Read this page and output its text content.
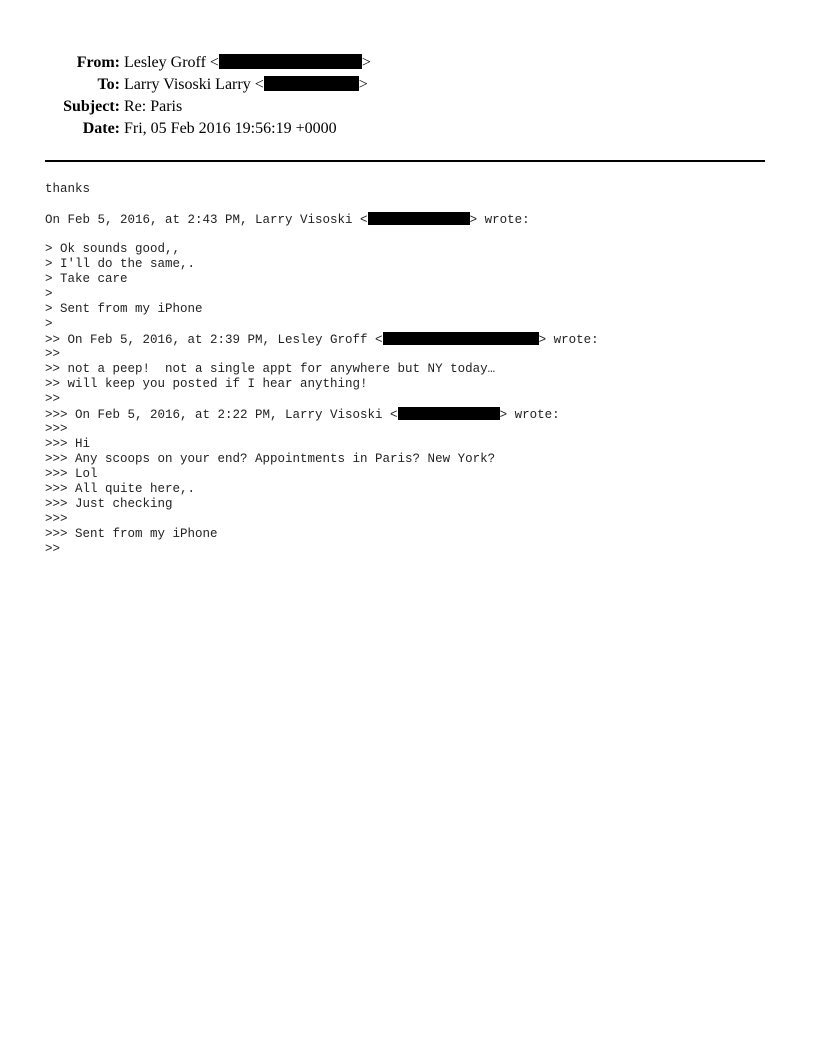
From: Lesley Groff <	>
To: Larry Visoski Larry <	>
Subject: Re: Paris
Date: Fri, 05 Feb 2016 19:56:19 +0000
thanks
On Feb 5, 2016, at 2:43 PM, Larry Visoski <	> wrote:
> Ok sounds good,,
> I'll do the same,.
> Take care
>
> Sent from my iPhone
>
>> On Feb 5, 2016, at 2:39 PM, Lesley Groff <	> wrote:
>>
>> not a peep!  not a single appt for anywhere but NY today…
>> will keep you posted if I hear anything!
>>
>>> On Feb 5, 2016, at 2:22 PM, Larry Visoski <	> wrote:
>>>
>>> Hi
>>> Any scoops on your end? Appointments in Paris? New York?
>>> Lol
>>> All quite here,.
>>> Just checking
>>>
>>> Sent from my iPhone
>>
